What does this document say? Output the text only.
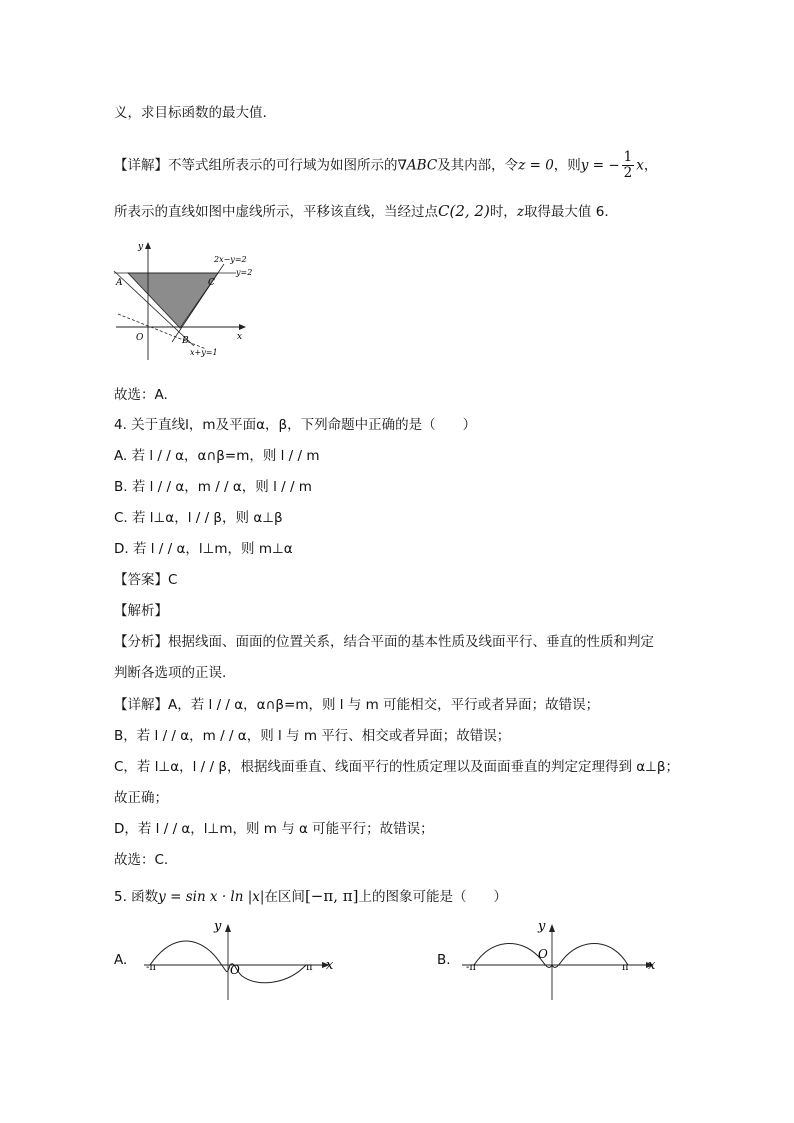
义，求目标函数的最大值.
【详解】不等式组所表示的可行域为如图所示的∇ABC及其内部，令z = 0，则y = − $\frac{1}{2}$ x，
所表示的直线如图中虚线所示，平移该直线，当经过点C(2, 2)时，z取得最大值 6.
y
x
O
A
B
C
2x−y=2
y=2
x+y=1
故选：A.
4. 关于直线l，m及平面α，β，下列命题中正确的是（　　）
A. 若 l / / α，α∩β=m，则 l / / m
B. 若 l / / α，m / / α，则 l / / m
C. 若 l⊥α，l / / β，则 α⊥β
D. 若 l / / α，l⊥m，则 m⊥α
【答案】C
【解析】
【分析】根据线面、面面的位置关系，结合平面的基本性质及线面平行、垂直的性质和判定
判断各选项的正误.
【详解】A，若 l / / α，α∩β=m，则 l 与 m 可能相交，平行或者异面；故错误；
B，若 l / / α，m / / α，则 l 与 m 平行、相交或者异面；故错误；
C，若 l⊥α，l / / β，根据线面垂直、线面平行的性质定理以及面面垂直的判定定理得到 α⊥β；
故正确；
D，若 l / / α，l⊥m，则 m 与 α 可能平行；故错误；
故选：C.
5. 函数y = sin x · ln |x|在区间[−π, π]上的图象可能是（　　）
A.
y
x
O
-π	π	B.
y
x
O
-π	π
